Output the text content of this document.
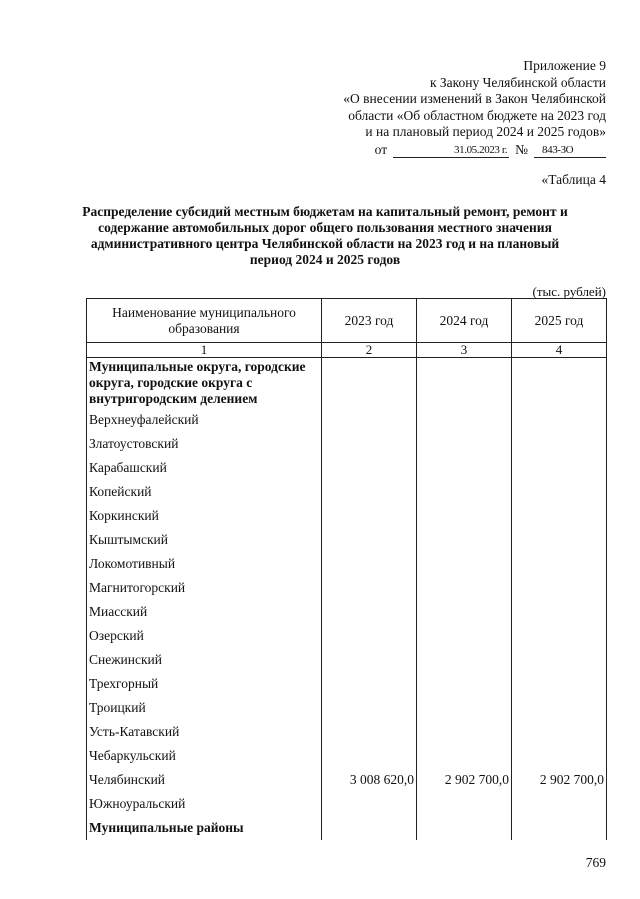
Приложение 9
к Закону Челябинской области
«О внесении изменений в Закон Челябинской
области «Об областном бюджете на 2023 год
и на плановый период 2024 и 2025 годов»
от	31.05.2023 г. №	843-ЗО
«Таблица 4
Распределение субсидий местным бюджетам на капитальный ремонт, ремонт и содержание автомобильных дорог общего пользования местного значения административного центра Челябинской области на 2023 год и на плановый период 2024 и 2025 годов
(тыс. рублей)
Наименование муниципального образования	2023 год	2024 год	2025 год
1	2	3	4
Муниципальные округа, городские округа, городские округа с внутригородским делением			
Верхнеуфалейский			
Златоустовский			
Карабашский			
Копейский			
Коркинский			
Кыштымский			
Локомотивный			
Магнитогорский			
Миасский			
Озерский			
Снежинский			
Трехгорный			
Троицкий			
Усть-Катавский			
Чебаркульский			
Челябинский	3 008 620,0	2 902 700,0	2 902 700,0
Южноуральский			
Муниципальные районы			
769
